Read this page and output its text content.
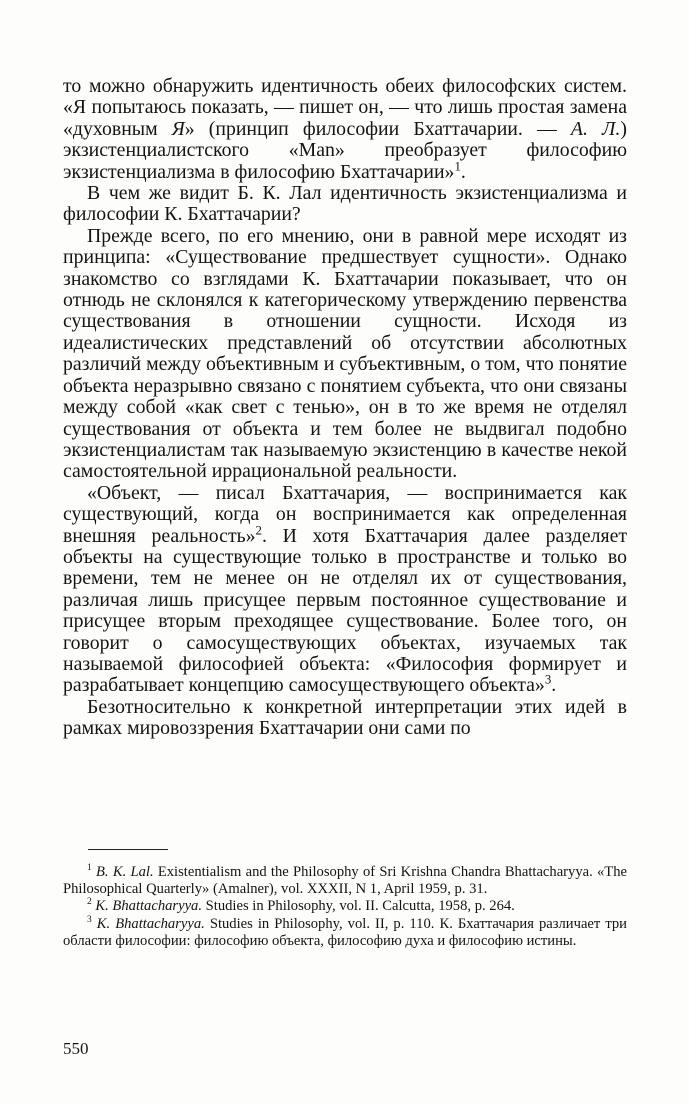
то можно обнаружить идентичность обеих философских систем. «Я попытаюсь показать, — пишет он, — что лишь простая замена «духовным Я» (принцип философии Бхаттачарии. — А. Л.) экзистенциалистского «Man» преобразует философию экзистенциализма в философию Бхаттачарии»$^1$.

В чем же видит Б. К. Лал идентичность экзистенциализма и философии К. Бхаттачарии?

Прежде всего, по его мнению, они в равной мере исходят из принципа: «Существование предшествует сущности». Однако знакомство со взглядами К. Бхаттачарии показывает, что он отнюдь не склонялся к категорическому утверждению первенства существования в отношении сущности. Исходя из идеалистических представлений об отсутствии абсолютных различий между объективным и субъективным, о том, что понятие объекта неразрывно связано с понятием субъекта, что они связаны между собой «как свет с тенью», он в то же время не отделял существования от объекта и тем более не выдвигал подобно экзистенциалистам так называемую экзистенцию в качестве некой самостоятельной иррациональной реальности.

«Объект, — писал Бхаттачария, — воспринимается как существующий, когда он воспринимается как определенная внешняя реальность»$^2$. И хотя Бхаттачария далее разделяет объекты на существующие только в пространстве и только во времени, тем не менее он не отделял их от существования, различая лишь присущее первым постоянное существование и присущее вторым преходящее существование. Более того, он говорит о самосуществующих объектах, изучаемых так называемой философией объекта: «Философия формирует и разрабатывает концепцию самосуществующего объекта»$^3$.

Безотносительно к конкретной интерпретации этих идей в рамках мировоззрения Бхаттачарии они сами по

$^1$ B. K. Lal. Existentialism and the Philosophy of Sri Krishna Chandra Bhattacharyya. «The Philosophical Quarterly» (Amalner), vol. XXXII, N 1, April 1959, p. 31.

$^2$ K. Bhattacharyya. Studies in Philosophy, vol. II. Calcutta, 1958, p. 264.

$^3$ K. Bhattacharyya. Studies in Philosophy, vol. II, p. 110. К. Бхаттачария различает три области философии: философию объекта, философию духа и философию истины.

550
